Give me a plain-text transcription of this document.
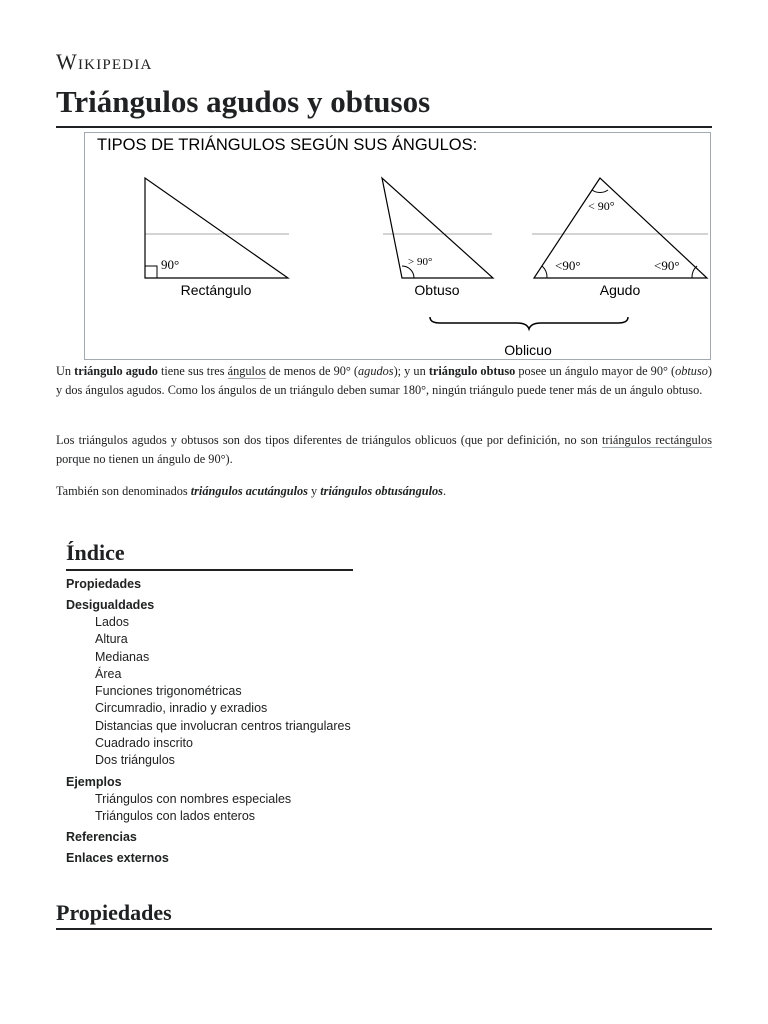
Wikipedia
Triángulos agudos y obtusos
TIPOS DE TRIÁNGULOS SEGÚN SUS ÁNGULOS:
90°	> 90°
< 90°
<90°	<90°
Rectángulo	Obtuso	Agudo
Oblicuo

Un triángulo agudo tiene sus tres ángulos de menos de 90° (agudos); y un triángulo obtuso posee un ángulo mayor de 90° (obtuso) y dos ángulos agudos. Como los ángulos de un triángulo deben sumar 180°, ningún triángulo puede tener más de un ángulo obtuso.

Los triángulos agudos y obtusos son dos tipos diferentes de triángulos oblicuos (que por definición, no son triángulos rectángulos porque no tienen un ángulo de 90°).

También son denominados triángulos acutángulos y triángulos obtusángulos.

Índice
Propiedades
Desigualdades
Lados
Altura
Medianas
Área
Funciones trigonométricas
Circumradio, inradio y exradios
Distancias que involucran centros triangulares
Cuadrado inscrito
Dos triángulos
Ejemplos
Triángulos con nombres especiales
Triángulos con lados enteros
Referencias
Enlaces externos
Propiedades
